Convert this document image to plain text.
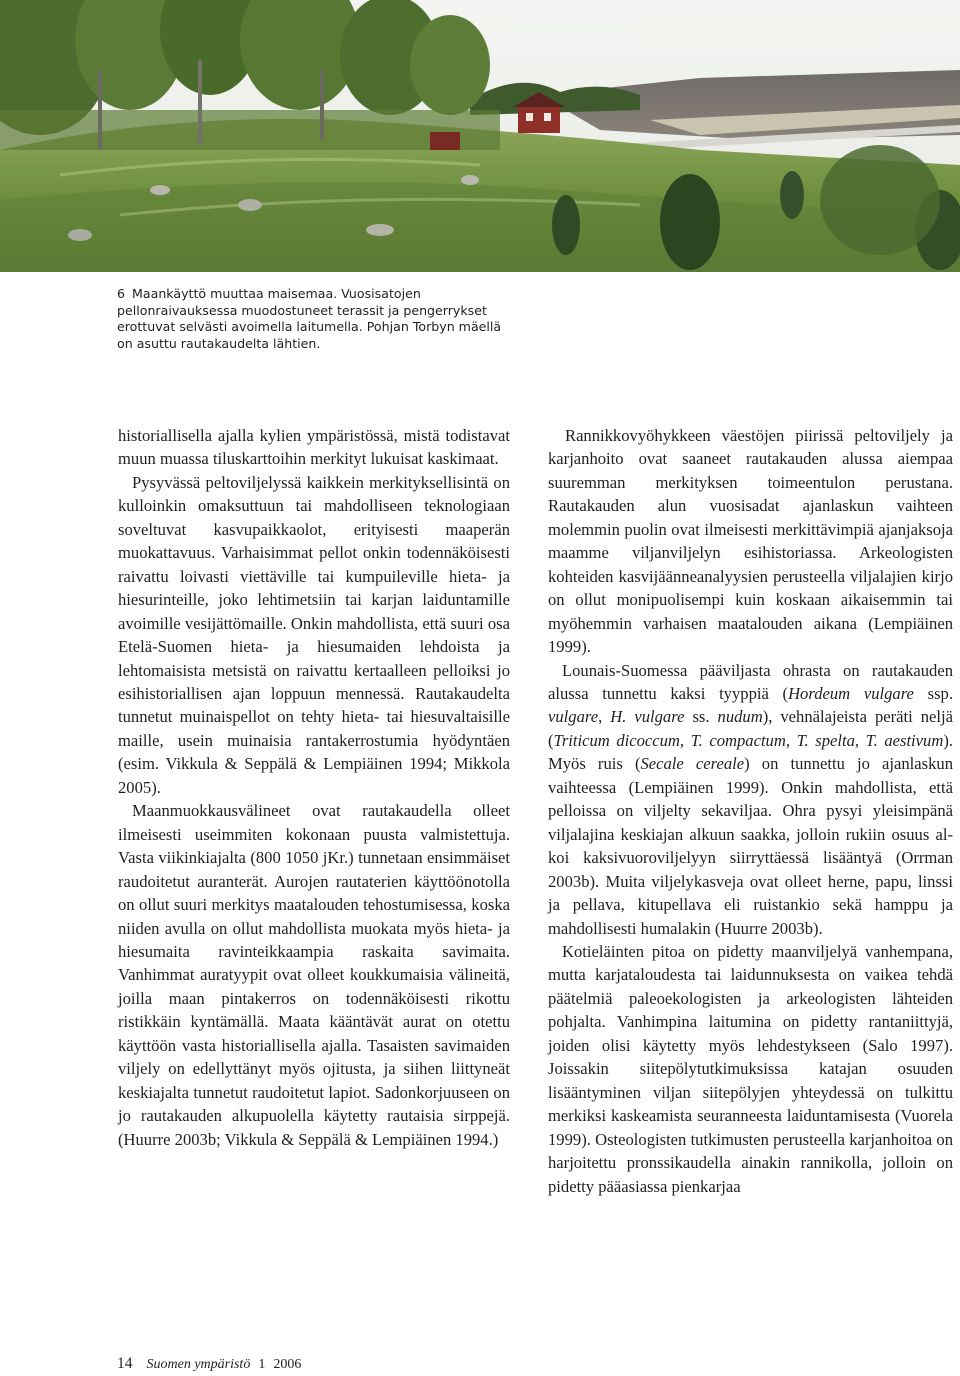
6 Maankäyttö muuttaa maisemaa. Vuosisatojen pellonraivauksessa muodostuneet terassit ja pengerrykset erottuvat selvästi avoimella laitumella. Pohjan Torbyn mäellä on asuttu rautakaudelta lähtien.

historiallisella ajalla kylien ympäristössä, mistä todistavat muun muassa tiluskarttoihin merkityt lukuisat kaskimaat.

Pysyvässä peltoviljelyssä kaikkein merkityksellisintä on kulloinkin omaksuttuun tai mahdolliseen teknologiaan soveltuvat kasvupaikkaolot, erityisesti maaperän muokattavuus. Varhaisimmat pellot onkin todennäköisesti raivattu loivasti viettäville tai kumpuileville hieta- ja hiesurinteille, joko lehtimetsiin tai karjan laiduntamille avoimille vesijättömaille. Onkin mahdollista, että suuri osa Etelä-Suomen hieta- ja hiesumaiden lehdoista ja lehtomaisista metsistä on raivattu kertaalleen pelloiksi jo esihistoriallisen ajan loppuun mennessä. Rautakaudelta tunnetut muinaispellot on tehty hieta- tai hiesuvaltaisille maille, usein muinaisia rantakerrostumia hyödyntäen (esim. Vikkula & Seppälä & Lempiäinen 1994; Mikkola 2005).

Maanmuokkausvälineet ovat rautakaudella olleet ilmeisesti useimmiten kokonaan puusta valmistettuja. Vasta viikinkiajalta (800 1050 jKr.) tunnetaan ensimmäiset raudoitetut auranterät. Aurojen rautaterien käyttöönotolla on ollut suuri merkitys maatalouden tehostumisessa, koska niiden avulla on ollut mahdollista muokata myös hieta- ja hiesumaita ravinteikkaampia raskaita savimaita. Vanhimmat auratyypit ovat olleet koukkumaisia välineitä, joilla maan pintakerros on todennäköisesti rikottu ristikkäin kyntämällä. Maata kääntävät aurat on otettu käyttöön vasta historiallisella ajalla. Tasaisten savimaiden viljely on edellyttänyt myös ojitusta, ja siihen liittyneät keskiajalta tunnetut raudoitetut lapiot. Sadonkorjuuseen on jo rautakauden alkupuolella käytetty rautaisia sirppejä. (Huurre 2003b; Vikkula & Seppälä & Lempiäinen 1994.)

Rannikkovyöhykkeen väestöjen piirissä peltoviljely ja karjanhoito ovat saaneet rautakauden alussa aiempaa suuremman merkityksen toimeentulon perustana. Rautakauden alun vuosisadat ajanlaskun vaihteen molemmin puolin ovat ilmeisesti merkittävimpiä ajanjaksoja maamme viljanviljelyn esihistoriassa. Arkeologisten kohteiden kasvijäänneanalyysien perusteella viljalajien kirjo on ollut monipuolisempi kuin koskaan aikaisemmin tai myöhemmin varhaisen maatalouden aikana (Lempiäinen 1999).

Lounais-Suomessa pääviljasta ohrasta on rautakauden alussa tunnettu kaksi tyyppiä (Hordeum vulgare ssp. vulgare, H. vulgare ss. nudum), vehnälajeista peräti neljä (Triticum dicoccum, T. compactum, T. spelta, T. aestivum). Myös ruis (Secale cereale) on tunnettu jo ajanlaskun vaihteessa (Lempiäinen 1999). Onkin mahdollista, että pelloissa on viljelty sekaviljaa. Ohra pysyi yleisimpänä viljalajina keskiajan alkuun saakka, jolloin rukiin osuus alkoi kaksivuoroviljelyyn siirryttäessä lisääntyä (Orrman 2003b). Muita viljelykasveja ovat olleet herne, papu, linssi ja pellava, kitupellava eli ruistankio sekä hamppu ja mahdollisesti humalakin (Huurre 2003b).

Kotieläinten pitoa on pidetty maanviljelyä vanhempana, mutta karjataloudesta tai laidunnuksesta on vaikea tehdä päätelmiä paleoekologisten ja arkeologisten lähteiden pohjalta. Vanhimpina laitumina on pidetty rantaniittyjä, joiden olisi käytetty myös lehdestykseen (Salo 1997). Joissakin siitepölytutkimuksissa katajan osuuden lisääntyminen viljan siitepölyjen yhteydessä on tulkittu merkiksi kaskeamista seuranneesta laiduntamisesta (Vuorela 1999). Osteologisten tutkimusten perusteella karjanhoitoa on harjoitettu pronssikaudella ainakin rannikolla, jolloin on pidetty pääasiassa pienkarjaa

14 Suomen ympäristö 1 2006
